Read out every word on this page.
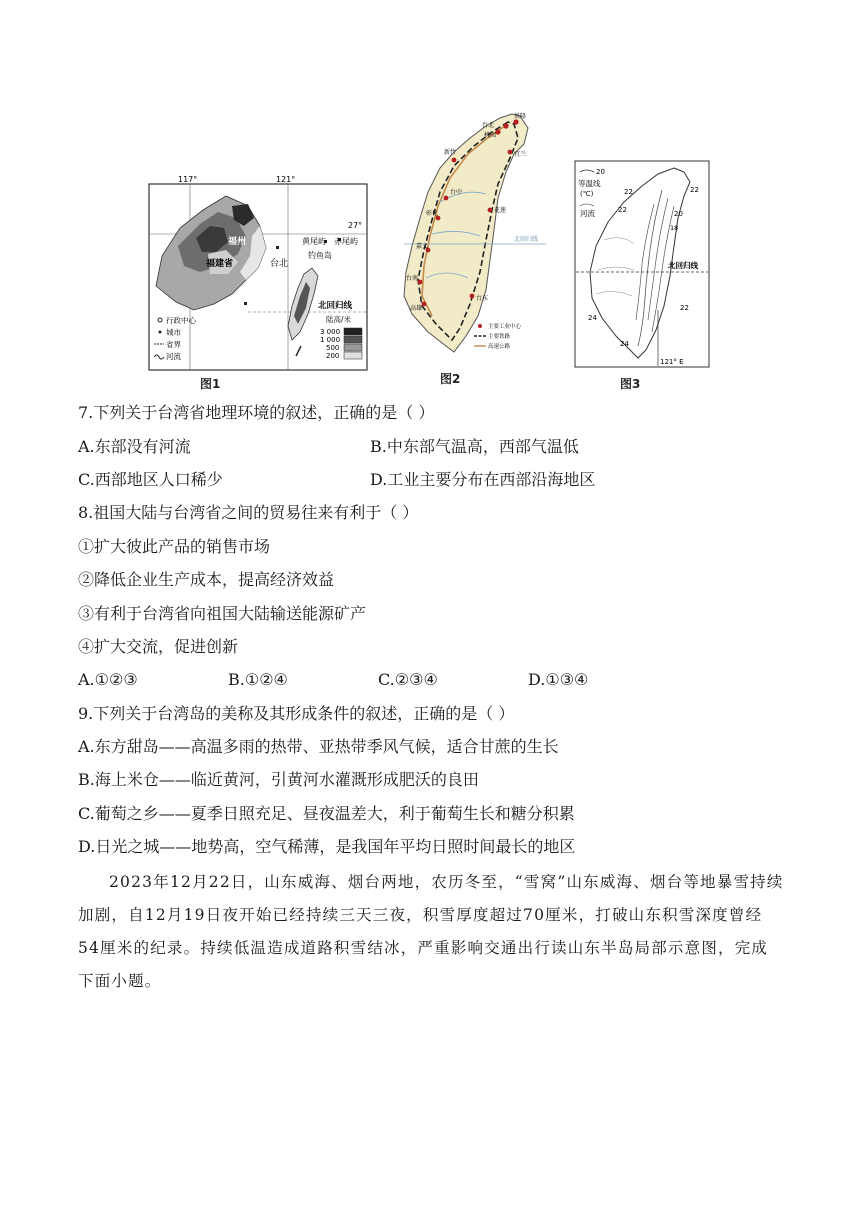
117°	121°
27°
福州
福建省	台北
黄尾屿 赤尾屿
钓鱼岛
北回归线
行政中心
城市
省界
河流
陆高/米
3 000
1 000
500
200
图1
北回归线
台北
基隆
桃园
新竹
台中
彰化
嘉义
台南
高雄
台东
花莲
宜兰
主要工业中心
主要铁路
高速公路
图2
20
等温线
(℃)
河流
22	22
22	20
18
24
24
22
北回归线
121° E
图3
7.下列关于台湾省地理环境的叙述，正确的是（ ）
A.东部没有河流	B.中东部气温高，西部气温低
C.西部地区人口稀少	D.工业主要分布在西部沿海地区
8.祖国大陆与台湾省之间的贸易往来有利于（ ）
①扩大彼此产品的销售市场
②降低企业生产成本，提高经济效益
③有利于台湾省向祖国大陆输送能源矿产
④扩大交流，促进创新
A.①②③	B.①②④	C.②③④	D.①③④
9.下列关于台湾岛的美称及其形成条件的叙述，正确的是（ ）
A.东方甜岛——高温多雨的热带、亚热带季风气候，适合甘蔗的生长
B.海上米仓——临近黄河，引黄河水灌溉形成肥沃的良田
C.葡萄之乡——夏季日照充足、昼夜温差大，利于葡萄生长和糖分积累
D.日光之城——地势高，空气稀薄，是我国年平均日照时间最长的地区
2023年12月22日，山东威海、烟台两地，农历冬至，“雪窝”山东威海、烟台等地暴雪持续加剧，自12月19日夜开始已经持续三天三夜，积雪厚度超过70厘米，打破山东积雪深度曾经54厘米的纪录。持续低温造成道路积雪结冰，严重影响交通出行读山东半岛局部示意图，完成下面小题。
